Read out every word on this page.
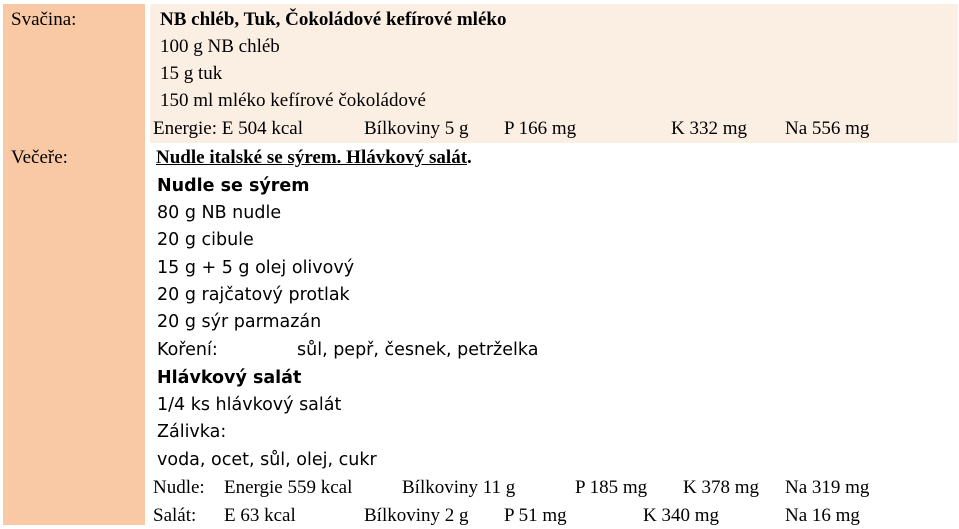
Svačina:	NB chléb, Tuk, Čokoládové kefírové mléko
100 g NB chléb
15 g tuk
150 ml mléko kefírové čokoládové
Energie: E 504 kcal	Bílkoviny 5 g P 166 mg	K 332 mg Na 556 mg
Večeře:	Nudle italské se sýrem. Hlávkový salát.
Nudle se sýrem
80 g NB nudle
20 g cibule
15 g + 5 g olej olivový
20 g rajčatový protlak
20 g sýr parmazán
Koření:	sůl, pepř, česnek, petrželka
Hlávkový salát
1/4 ks hlávkový salát
Zálivka:
voda, ocet, sůl, olej, cukr
Nudle: Energie 559 kcal	Bílkoviny 11 g	P 185 mg K 378 mg Na 319 mg
Salát: E 63 kcal	Bílkoviny 2 g P 51 mg	K 340 mg	Na 16 mg
